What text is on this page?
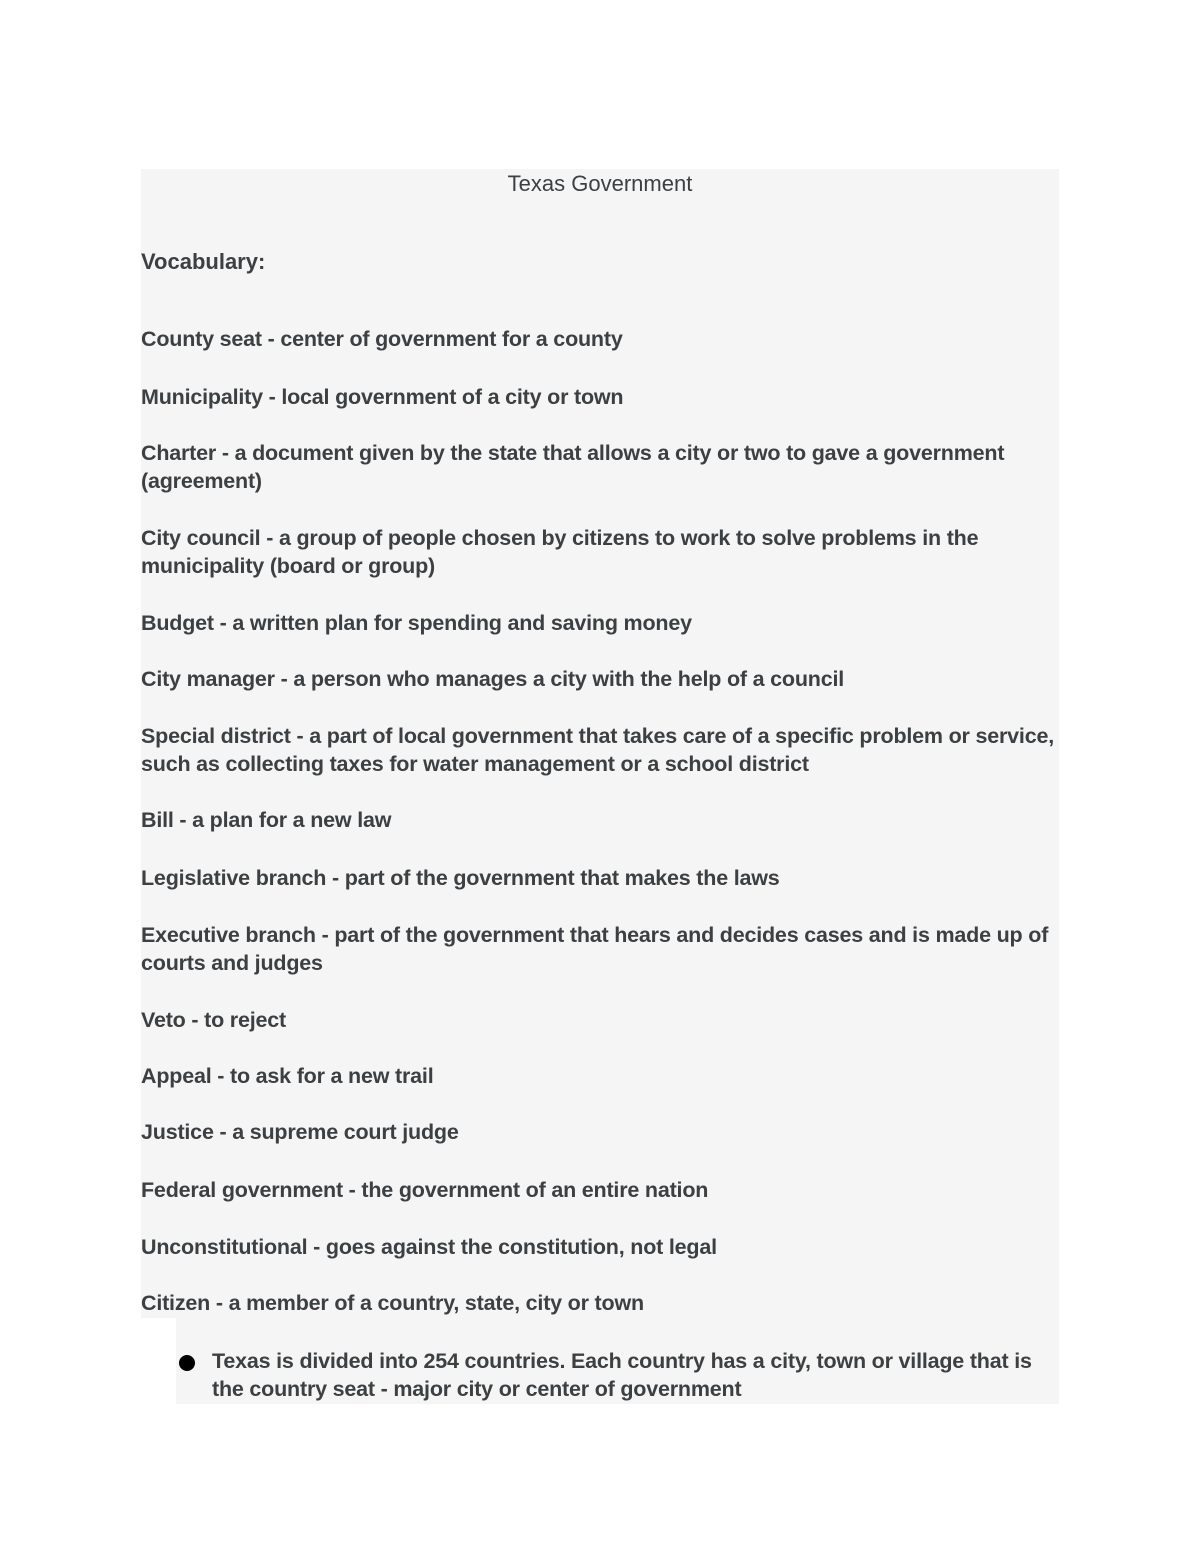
Texas Government
Vocabulary:
County seat - center of government for a county
Municipality - local government of a city or town
Charter - a document given by the state that allows a city or two to gave a government (agreement)
City council - a group of people chosen by citizens to work to solve problems in the municipality (board or group)
Budget - a written plan for spending and saving money
City manager - a person who manages a city with the help of a council
Special district - a part of local government that takes care of a specific problem or service, such as collecting taxes for water management or a school district
Bill - a plan for a new law
Legislative branch - part of the government that makes the laws
Executive branch - part of the government that hears and decides cases and is made up of courts and judges
Veto - to reject
Appeal - to ask for a new trail
Justice - a supreme court judge
Federal government - the government of an entire nation
Unconstitutional - goes against the constitution, not legal
Citizen - a member of a country, state, city or town
Texas is divided into 254 countries. Each country has a city, town or village that is the country seat - major city or center of government
